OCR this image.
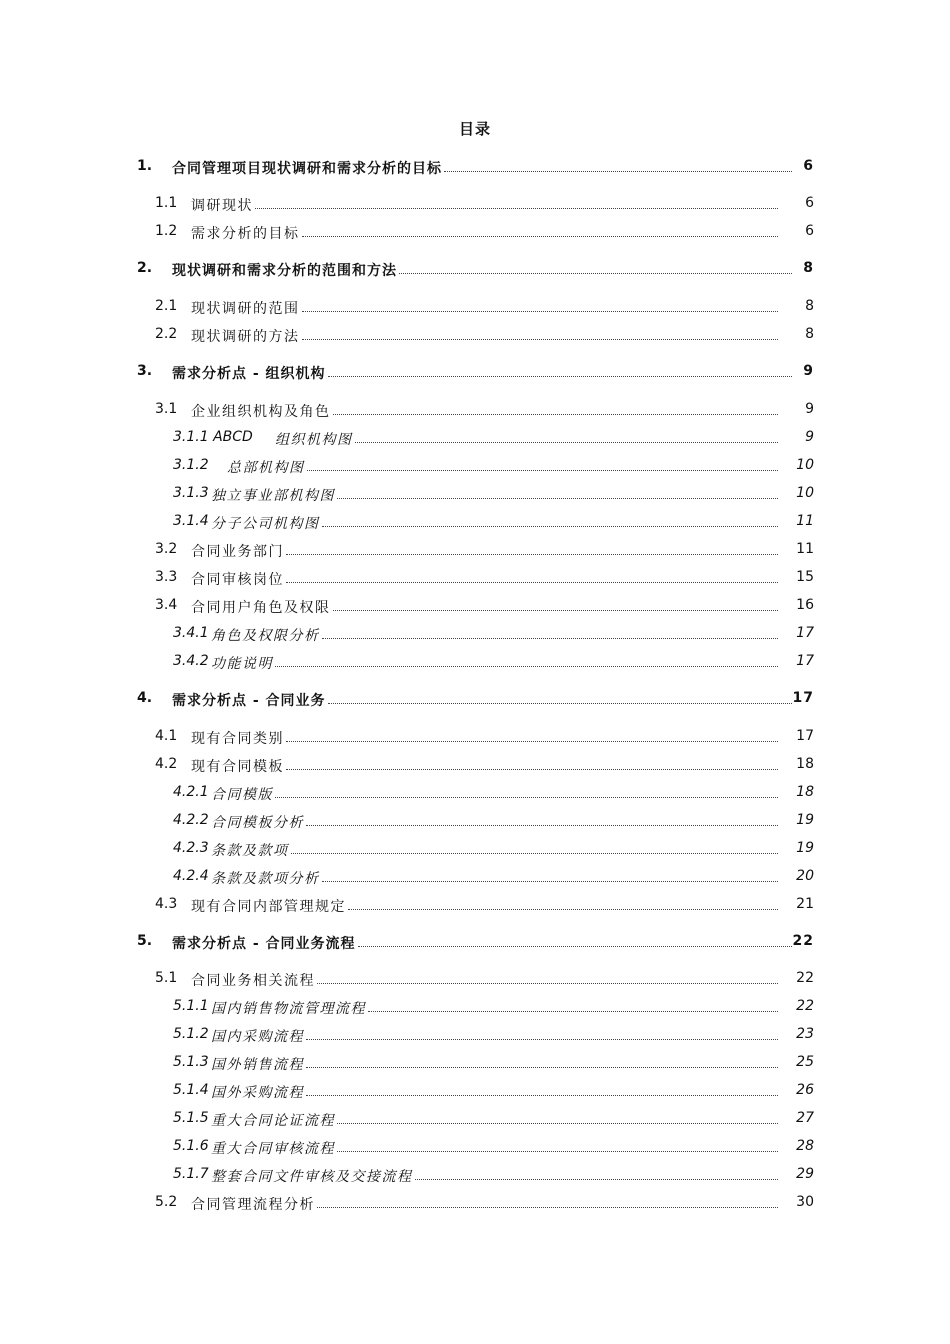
目录
1. 合同管理项目现状调研和需求分析的目标	6
1.1 调研现状	6
1.2 需求分析的目标	6
2. 现状调研和需求分析的范围和方法	8
2.1 现状调研的范围	8
2.2 现状调研的方法	8
3. 需求分析点 - 组织机构	9
3.1 企业组织机构及角色	9
3.1.1 ABCD 组织机构图	9
3.1.2 总部机构图	10
3.1.3 独立事业部机构图	10
3.1.4 分子公司机构图	11
3.2 合同业务部门	11
3.3 合同审核岗位	15
3.4 合同用户角色及权限	16
3.4.1 角色及权限分析	17
3.4.2 功能说明	17
4. 需求分析点 - 合同业务	17
4.1 现有合同类别	17
4.2 现有合同模板	18
4.2.1 合同模版	18
4.2.2 合同模板分析	19
4.2.3 条款及款项	19
4.2.4 条款及款项分析	20
4.3 现有合同内部管理规定	21
5. 需求分析点 - 合同业务流程	22
5.1 合同业务相关流程	22
5.1.1 国内销售物流管理流程	22
5.1.2 国内采购流程	23
5.1.3 国外销售流程	25
5.1.4 国外采购流程	26
5.1.5 重大合同论证流程	27
5.1.6 重大合同审核流程	28
5.1.7 整套合同文件审核及交接流程	29
5.2 合同管理流程分析	30
